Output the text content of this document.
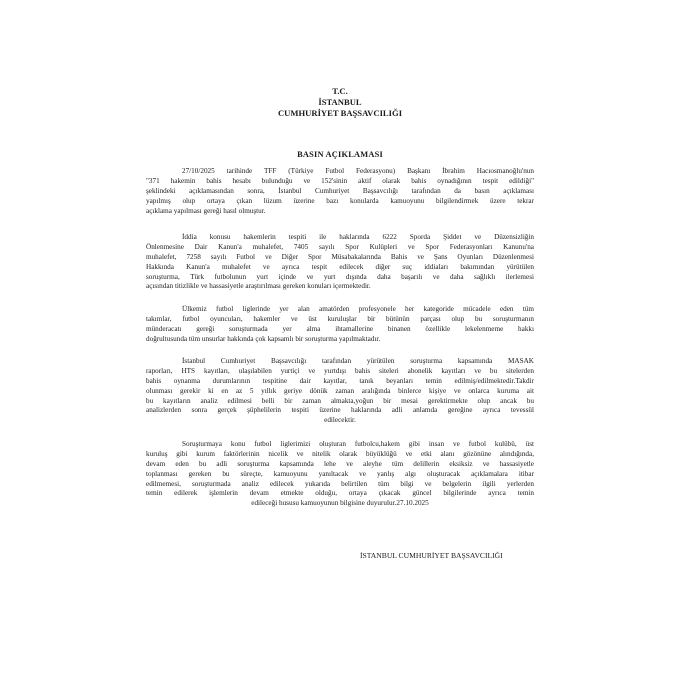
T.C.
İSTANBUL
CUMHURİYET BAŞSAVCILIĞI
BASIN AÇIKLAMASI
27/10/2025 tarihinde TFF (Türkiye Futbol Federasyonu) Başkanı İbrahim Hacıosmanoğlu'nun
"371 hakemin bahis hesabı bulunduğu ve 152'sinin aktif olarak bahis oynadığının tespit edildiği"
şeklindeki açıklamasından sonra, İstanbul Cumhuriyet Başsavcılığı tarafından da basın açıklaması
yapılmış olup ortaya çıkan lüzum üzerine bazı konularda kamuoyunu bilgilendirmek üzere tekrar
açıklama yapılması gereği hasıl olmuştur.
İddia konusu hakemlerin tespiti ile haklarında 6222 Sporda Şiddet ve Düzensizliğin
Önlenmesine Dair Kanun'a muhalefet, 7405 sayılı Spor Kulüpleri ve Spor Federasyonları Kanunu'na
muhalefet, 7258 sayılı Futbol ve Diğer Spor Müsabakalarında Bahis ve Şans Oyunları Düzenlenmesi
Hakkında Kanun'a muhalefet ve ayrıca tespit edilecek diğer suç iddiaları bakımından yürütülen
soruşturma, Türk futbolunun yurt içinde ve yurt dışında daha başarılı ve daha sağlıklı ilerlemesi
açısından titizlikle ve hassasiyetle araştırılması gereken konuları içermektedir.
Ülkemiz futbol liglerinde yer alan amatörden profesyonele her kategoride mücadele eden tüm
takımlar, futbol oyuncuları, hakemler ve üst kuruluşlar bir bütünün parçası olup bu soruşturmanın
münderacatı gereği soruşturmada yer alma ihtamallerine binanen özellikle lekelenmeme hakkı
doğrultusunda tüm unsurlar hakkında çok kapsamlı bir soruşturma yapılmaktadır.
İstanbul Cumhuriyet Başsavcılığı tarafından yürütülen soruşturma kapsamında MASAK
raporları, HTS kayıtları, ulaşılabilen yurtiçi ve yurtdışı bahis siteleri abonelik kayıtları ve bu sitelerden
bahis oynanma durumlarının tespitine dair kayıtlar, tanık beyanları temin edilmiş/edilmektedir.Takdir
olunması gerekir ki en az 5 yıllık geriye dönük zaman aralığında binlerce kişiye ve onlarca kuruma ait
bu kayıtların analiz edilmesi belli bir zaman almakta,yoğun bir mesai gerektirmekte olup ancak bu
analizlerden sonra gerçek şüphelilerin tespiti üzerine haklarında adli anlamda gereğine ayrıca tevessül
edilecektir.
Soruşturmaya konu futbol liglerimizi oluşturan futbolcu,hakem gibi insan ve futbol kulübü, üst
kuruluş gibi kurum faktörlerinin nicelik ve nitelik olarak büyüklüğü ve etki alanı gözönüne alındığında,
devam eden bu adli soruşturma kapsamında lehe ve aleyhe tüm delillerin eksiksiz ve hassasiyetle
toplanması gereken bu süreçte, kamuoyunu yanıltacak ve yanlış algı oluşturacak açıklamalara itibar
edilmemesi, soruşturmada analiz edilecek yukarıda belirtilen tüm bilgi ve belgelerin ilgili yerlerden
temin edilerek işlemlerin devam etmekte olduğu, ortaya çıkacak güncel bilgilerinde ayrıca temin
edileceği hususu kamuoyunun bilgisine duyurulur.27.10.2025
İSTANBUL CUMHURİYET BAŞSAVCILIĞI
